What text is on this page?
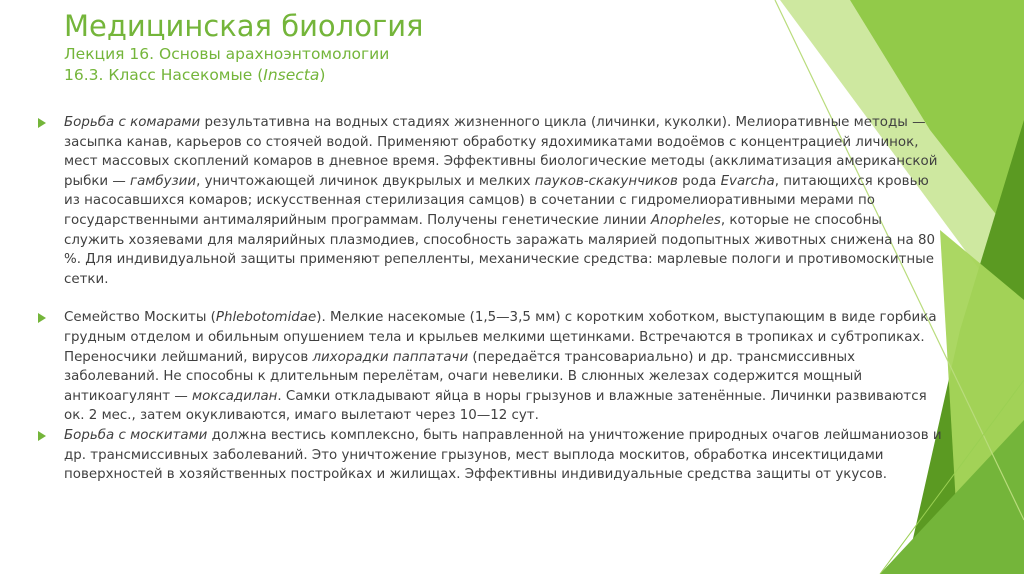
Медицинская биология
Лекция 16. Основы арахноэнтомологии
16.3. Класс Насекомые (Insecta)
Борьба с комарами результативна на водных стадиях жизненного цикла (личинки, куколки). Мелиоративные методы — засыпка канав, карьеров со стоячей водой. Применяют обработку ядохимикатами водоёмов с концентрацией личинок, мест массовых скоплений комаров в дневное время. Эффективны биологические методы (акклиматизация американской рыбки — гамбузии, уничтожающей личинок двукрылых и мелких пауков-скакунчиков рода Evarcha, питающихся кровью из насосавшихся комаров; искусственная стерилизация самцов) в сочетании с гидромелиоративными мерами по государственными антималярийным программам. Получены генетические линии Anopheles, которые не способны служить хозяевами для малярийных плазмодиев, способность заражать малярией подопытных животных снижена на 80 %. Для индивидуальной защиты применяют репелленты, механические средства: марлевые пологи и противомоскитные сетки.
Семейство Москиты (Phlebotomidae). Мелкие насекомые (1,5—3,5 мм) с коротким хоботком, выступающим в виде горбика грудным отделом и обильным опушением тела и крыльев мелкими щетинками. Встречаются в тропиках и субтропиках. Переносчики лейшманий, вирусов лихорадки паппатачи (передаётся трансовариально) и др. трансмиссивных заболеваний. Не способны к длительным перелётам, очаги невелики. В слюнных железах содержится мощный антикоагулянт — моксадилан. Самки откладывают яйца в норы грызунов и влажные затенённые. Личинки развиваются ок. 2 мес., затем окукливаются, имаго вылетают через 10—12 сут.
Борьба с москитами должна вестись комплексно, быть направленной на уничтожение природных очагов лейшманиозов и др. трансмиссивных заболеваний. Это уничтожение грызунов, мест выплода москитов, обработка инсектицидами поверхностей в хозяйственных постройках и жилищах. Эффективны индивидуальные средства защиты от укусов.
